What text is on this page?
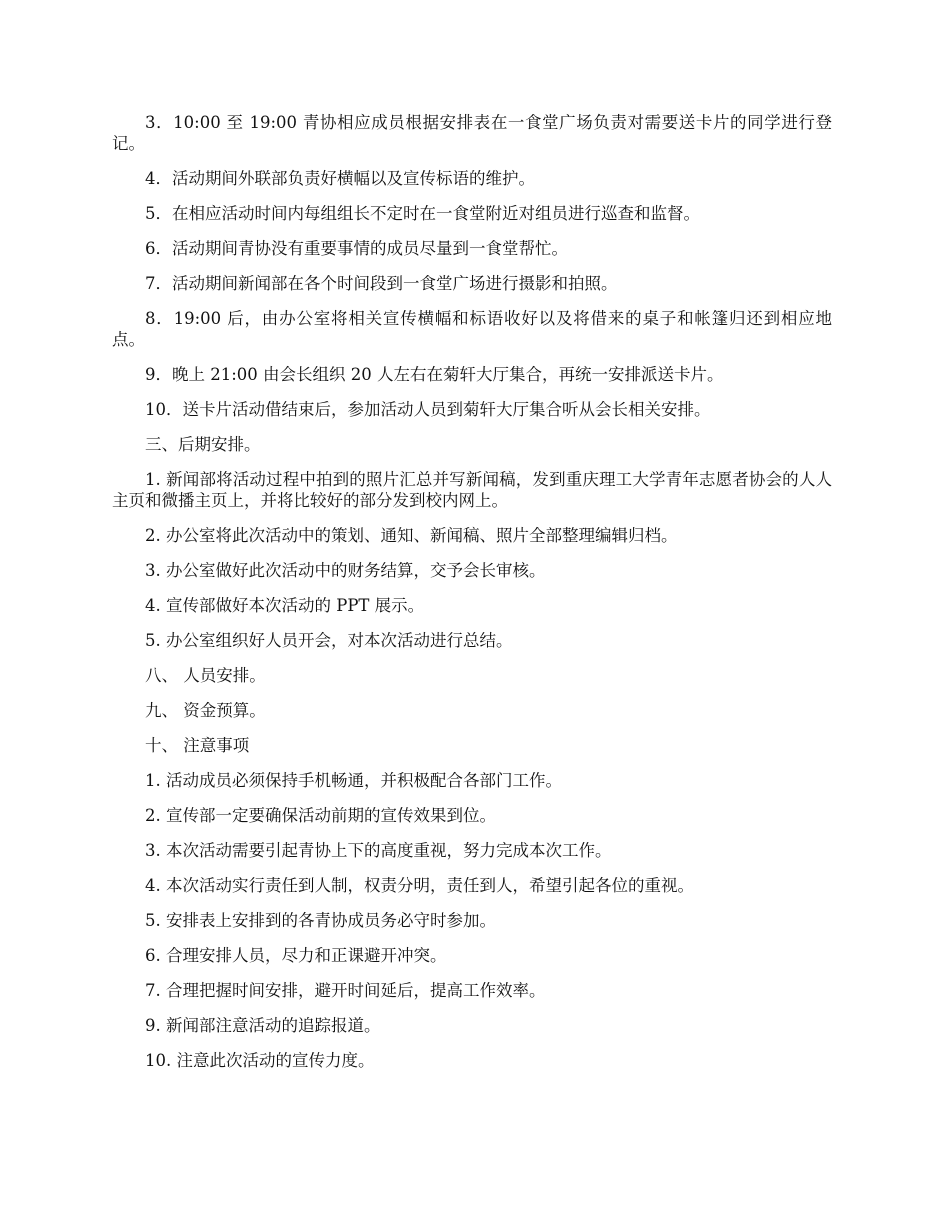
3．10:00 至 19:00 青协相应成员根据安排表在一食堂广场负责对需要送卡片的同学进行登记。

4．活动期间外联部负责好横幅以及宣传标语的维护。

5．在相应活动时间内每组组长不定时在一食堂附近对组员进行巡查和监督。

6．活动期间青协没有重要事情的成员尽量到一食堂帮忙。

7．活动期间新闻部在各个时间段到一食堂广场进行摄影和拍照。

8．19:00 后，由办公室将相关宣传横幅和标语收好以及将借来的桌子和帐篷归还到相应地点。

9．晚上 21:00 由会长组织 20 人左右在菊轩大厅集合，再统一安排派送卡片。

10．送卡片活动借结束后，参加活动人员到菊轩大厅集合听从会长相关安排。

三、后期安排。

1. 新闻部将活动过程中拍到的照片汇总并写新闻稿，发到重庆理工大学青年志愿者协会的人人主页和微播主页上，并将比较好的部分发到校内网上。

2. 办公室将此次活动中的策划、通知、新闻稿、照片全部整理编辑归档。

3. 办公室做好此次活动中的财务结算，交予会长审核。

4. 宣传部做好本次活动的 PPT 展示。

5. 办公室组织好人员开会，对本次活动进行总结。

八、 人员安排。

九、 资金预算。

十、 注意事项

1. 活动成员必须保持手机畅通，并积极配合各部门工作。

2. 宣传部一定要确保活动前期的宣传效果到位。

3. 本次活动需要引起青协上下的高度重视，努力完成本次工作。

4. 本次活动实行责任到人制，权责分明，责任到人，希望引起各位的重视。

5. 安排表上安排到的各青协成员务必守时参加。

6. 合理安排人员，尽力和正课避开冲突。

7. 合理把握时间安排，避开时间延后，提高工作效率。

9. 新闻部注意活动的追踪报道。

10. 注意此次活动的宣传力度。
